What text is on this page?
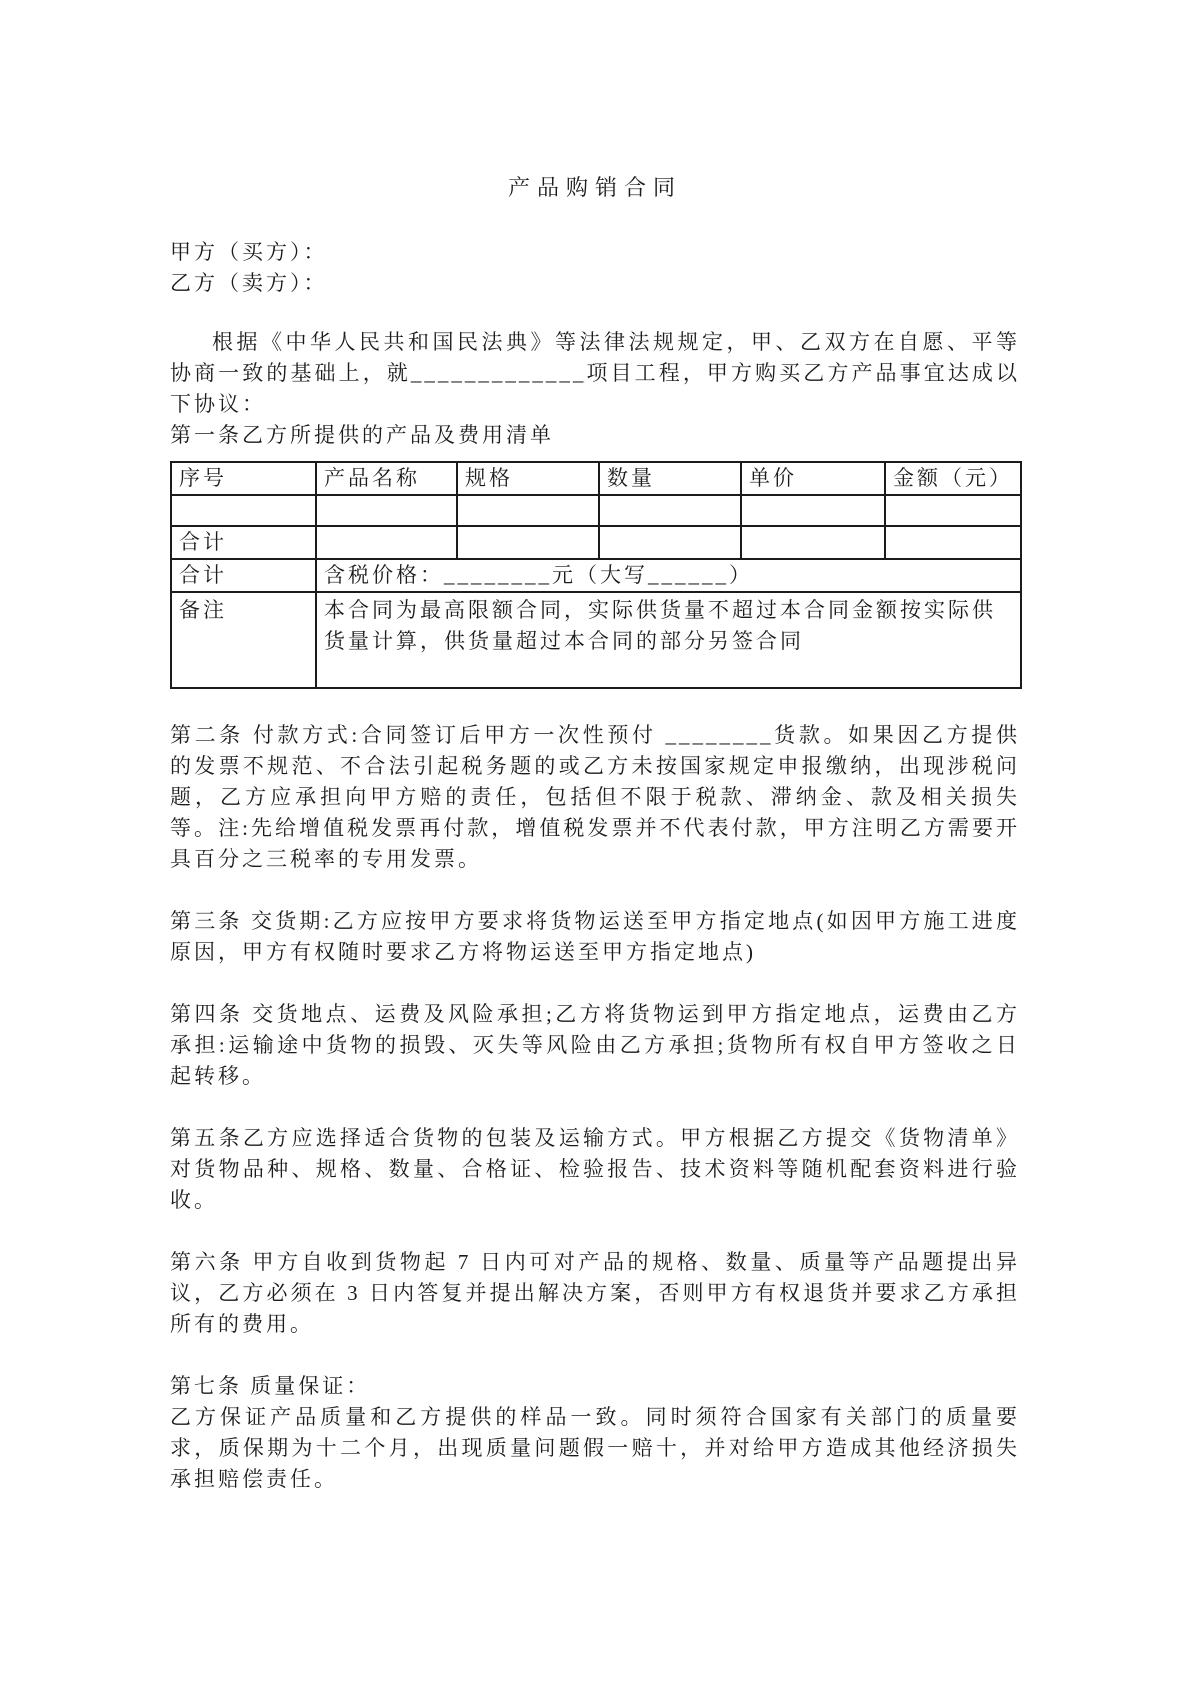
产品购销合同

甲方（买方）：

乙方（卖方）：

根据《中华人民共和国民法典》等法律法规规定，甲、乙双方在自愿、平等协商一致的基础上，就_____________项目工程，甲方购买乙方产品事宜达成以下协议：

第一条乙方所提供的产品及费用清单

序号	产品名称	规格	数量	单价	金额（元）

合计					
合计	含税价格：________元（大写______）				
备注	本合同为最高限额合同，实际供货量不超过本合同金额按实际供货量计算，供货量超过本合同的部分另签合同				

第二条 付款方式:合同签订后甲方一次性预付 ________货款。如果因乙方提供的发票不规范、不合法引起税务题的或乙方未按国家规定申报缴纳，出现涉税问题，乙方应承担向甲方赔的责任，包括但不限于税款、滞纳金、款及相关损失等。注:先给增值税发票再付款，增值税发票并不代表付款，甲方注明乙方需要开具百分之三税率的专用发票。

第三条 交货期:乙方应按甲方要求将货物运送至甲方指定地点(如因甲方施工进度原因，甲方有权随时要求乙方将物运送至甲方指定地点)

第四条 交货地点、运费及风险承担;乙方将货物运到甲方指定地点，运费由乙方承担:运输途中货物的损毁、灭失等风险由乙方承担;货物所有权自甲方签收之日起转移。

第五条乙方应选择适合货物的包装及运输方式。甲方根据乙方提交《货物清单》对货物品种、规格、数量、合格证、检验报告、技术资料等随机配套资料进行验收。

第六条 甲方自收到货物起 7 日内可对产品的规格、数量、质量等产品题提出异议，乙方必须在 3 日内答复并提出解决方案，否则甲方有权退货并要求乙方承担所有的费用。

第七条 质量保证：

乙方保证产品质量和乙方提供的样品一致。同时须符合国家有关部门的质量要求，质保期为十二个月，出现质量问题假一赔十，并对给甲方造成其他经济损失承担赔偿责任。
